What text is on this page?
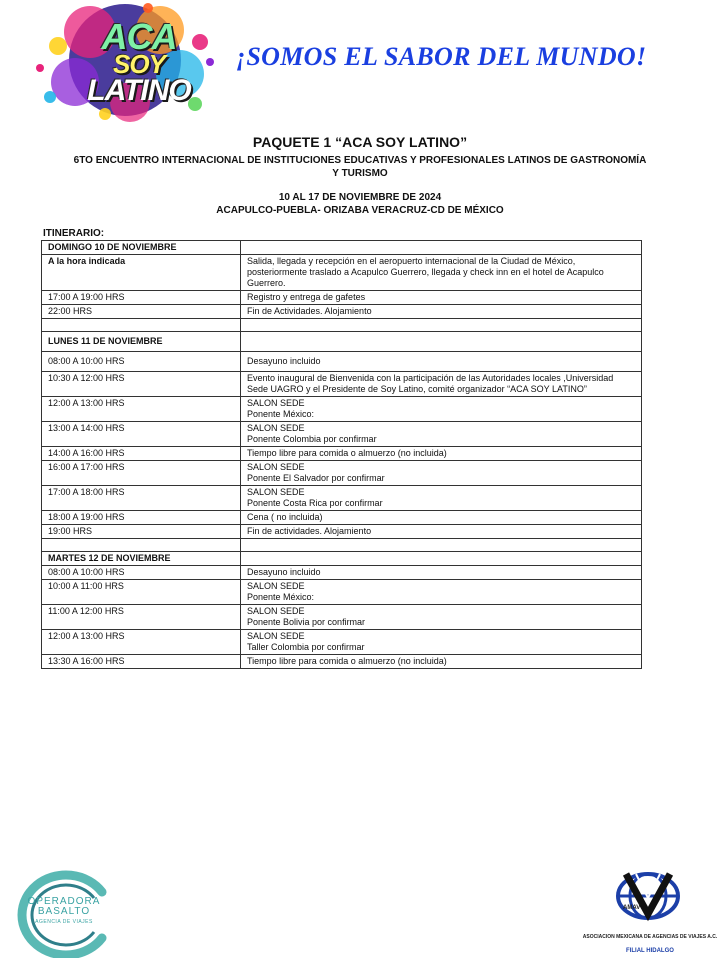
ACA
SOY
LATINO
¡SOMOS EL SABOR DEL MUNDO!
PAQUETE 1 “ACA SOY LATINO”
6TO ENCUENTRO INTERNACIONAL DE INSTITUCIONES EDUCATIVAS Y PROFESIONALES LATINOS DE GASTRONOMÍA Y TURISMO
10 AL 17 DE NOVIEMBRE DE 2024
ACAPULCO-PUEBLA- ORIZABA VERACRUZ-CD DE MÉXICO
ITINERARIO:
DOMINGO 10 DE NOVIEMBRE	
A la hora indicada	Salida, llegada y recepción en el aeropuerto internacional de la Ciudad de México, posteriormente traslado a Acapulco Guerrero, llegada y check inn en el hotel de Acapulco Guerrero.
17:00 A 19:00 HRS	Registro y entrega de gafetes
22:00 HRS	Fin de Actividades. Alojamiento

LUNES 11 DE NOVIEMBRE	
08:00 A 10:00 HRS	Desayuno incluido
10:30 A 12:00 HRS	Evento inaugural de Bienvenida con la participación de las Autoridades locales ,Universidad Sede UAGRO y el Presidente de Soy Latino, comité organizador “ACA SOY LATINO”
12:00 A 13:00 HRS	SALON SEDE
Ponente México:
13:00 A 14:00 HRS	SALON SEDE
Ponente Colombia por confirmar
14:00 A 16:00 HRS	Tiempo libre para comida o almuerzo (no incluida)
16:00 A 17:00 HRS	SALON SEDE
Ponente El Salvador por confirmar
17:00 A 18:00 HRS	SALON SEDE
Ponente Costa Rica por confirmar
18:00 A 19:00 HRS	Cena ( no incluida)
19:00 HRS	Fin de actividades. Alojamiento

MARTES 12 DE NOVIEMBRE	
08:00 A 10:00 HRS	Desayuno incluido
10:00 A 11:00 HRS	SALON SEDE
Ponente México:
11:00 A 12:00 HRS	SALON SEDE
Ponente Bolivia por confirmar
12:00 A 13:00 HRS	SALON SEDE
Taller Colombia por confirmar
13:30 A 16:00 HRS	Tiempo libre para comida o almuerzo (no incluida)
OPERADORA
BASALTO
AGENCIA DE VIAJES
AMAV
ASOCIACION MEXICANA DE AGENCIAS DE VIAJES A.C.
FILIAL HIDALGO
